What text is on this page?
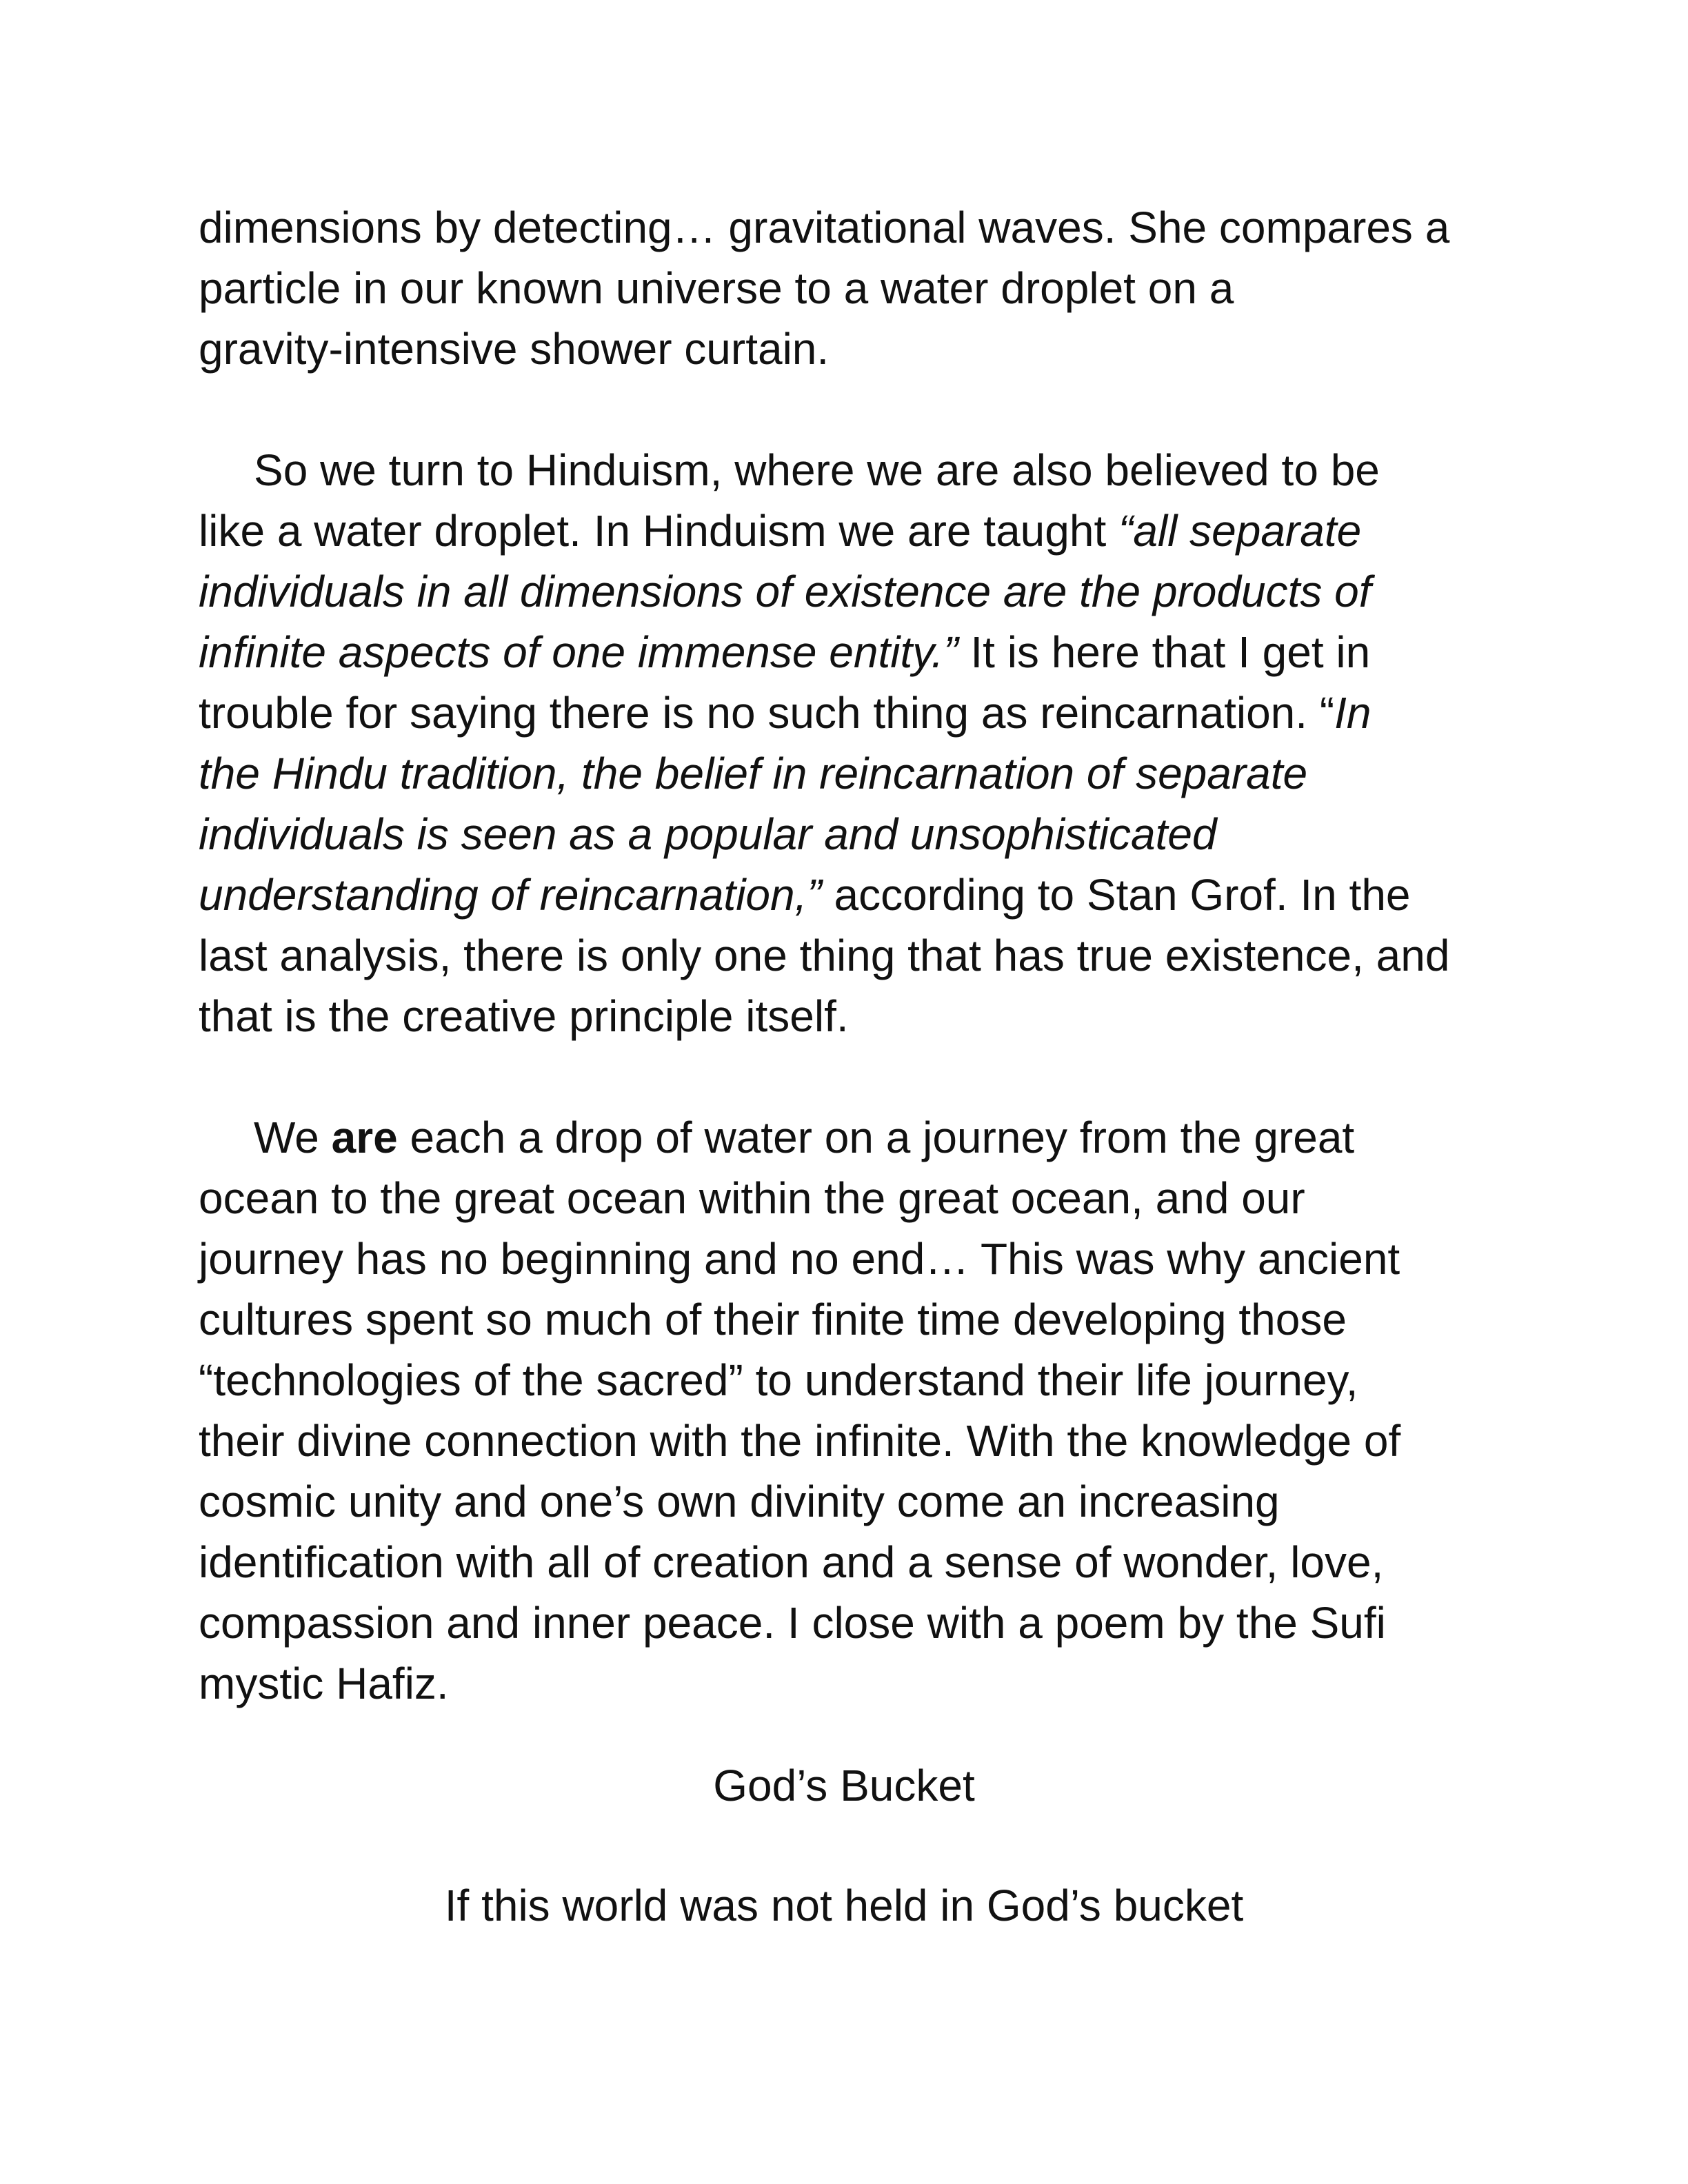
dimensions by detecting… gravitational waves. She compares a
particle in our known universe to a water droplet on a
gravity-intensive shower curtain.
So we turn to Hinduism, where we are also believed to be
like a water droplet. In Hinduism we are taught “all separate
individuals in all dimensions of existence are the products of
infinite aspects of one immense entity.” It is here that I get in
trouble for saying there is no such thing as reincarnation. “In
the Hindu tradition, the belief in reincarnation of separate
individuals is seen as a popular and unsophisticated
understanding of reincarnation,” according to Stan Grof. In the
last analysis, there is only one thing that has true existence, and
that is the creative principle itself.
We are each a drop of water on a journey from the great
ocean to the great ocean within the great ocean, and our
journey has no beginning and no end… This was why ancient
cultures spent so much of their finite time developing those
“technologies of the sacred” to understand their life journey,
their divine connection with the infinite. With the knowledge of
cosmic unity and one’s own divinity come an increasing
identification with all of creation and a sense of wonder, love,
compassion and inner peace. I close with a poem by the Sufi
mystic Hafiz.
God’s Bucket
If this world was not held in God’s bucket
